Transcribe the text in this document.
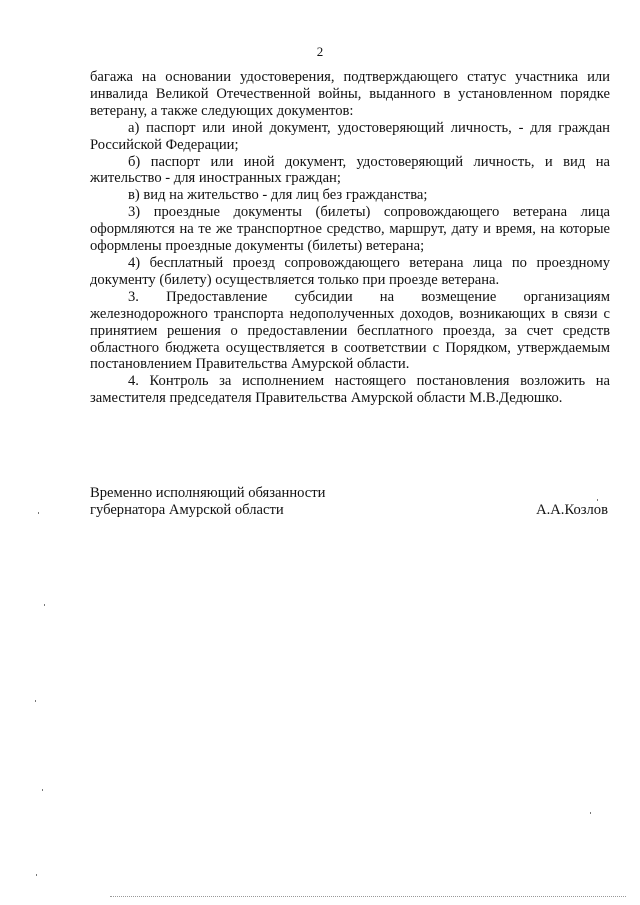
2

багажа на основании удостоверения, подтверждающего статус участника или инвалида Великой Отечественной войны, выданного в установленном порядке ветерану, а также следующих документов:

а) паспорт или иной документ, удостоверяющий личность, - для граждан Российской Федерации;

б) паспорт или иной документ, удостоверяющий личность, и вид на жительство - для иностранных граждан;

в) вид на жительство - для лиц без гражданства;

3) проездные документы (билеты) сопровождающего ветерана лица оформляются на те же транспортное средство, маршрут, дату и время, на которые оформлены проездные документы (билеты) ветерана;

4) бесплатный проезд сопровождающего ветерана лица по проездному документу (билету) осуществляется только при проезде ветерана.

3. Предоставление субсидии на возмещение организациям железнодорожного транспорта недополученных доходов, возникающих в связи с принятием решения о предоставлении бесплатного проезда, за счет средств областного бюджета осуществляется в соответствии с Порядком, утверждаемым постановлением Правительства Амурской области.

4. Контроль за исполнением настоящего постановления возложить на заместителя председателя Правительства Амурской области М.В.Дедюшко.

Временно исполняющий обязанности
губернатора Амурской области	А.А.Козлов
